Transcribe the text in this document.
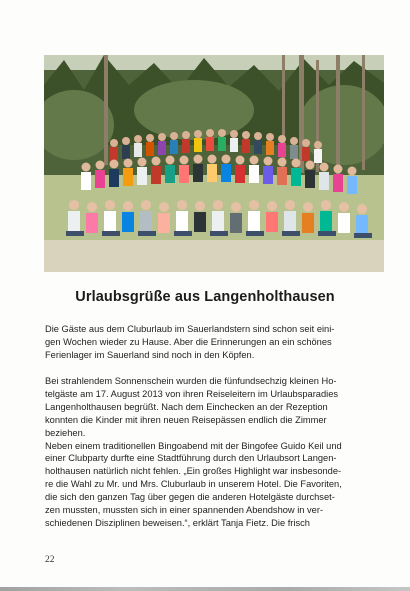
Urlaubsgrüße aus Langenholthausen
Die Gäste aus dem Cluburlaub im Sauerlandstern sind schon seit eini-
gen Wochen wieder zu Hause. Aber die Erinnerungen an ein schönes
Ferienlager im Sauerland sind noch in den Köpfen.
Bei strahlendem Sonnenschein wurden die fünfundsechzig kleinen Ho-
telgäste am 17. August 2013 von ihren Reiseleitern im Urlaubsparadies
Langenholthausen begrüßt. Nach dem Einchecken an der Rezeption
konnten die Kinder mit ihren neuen Reisepässen endlich die Zimmer
beziehen.
Neben einem traditionellen Bingoabend mit der Bingofee Guido Keil und
einer Clubparty durfte eine Stadtführung durch den Urlaubsort Langen-
holthausen natürlich nicht fehlen. „Ein großes Highlight war insbesonde-
re die Wahl zu Mr. und Mrs. Cluburlaub in unserem Hotel. Die Favoriten,
die sich den ganzen Tag über gegen die anderen Hotelgäste durchset-
zen mussten, mussten sich in einer spannenden Abendshow in ver-
schiedenen Disziplinen beweisen.“, erklärt Tanja Fietz. Die frisch
22
